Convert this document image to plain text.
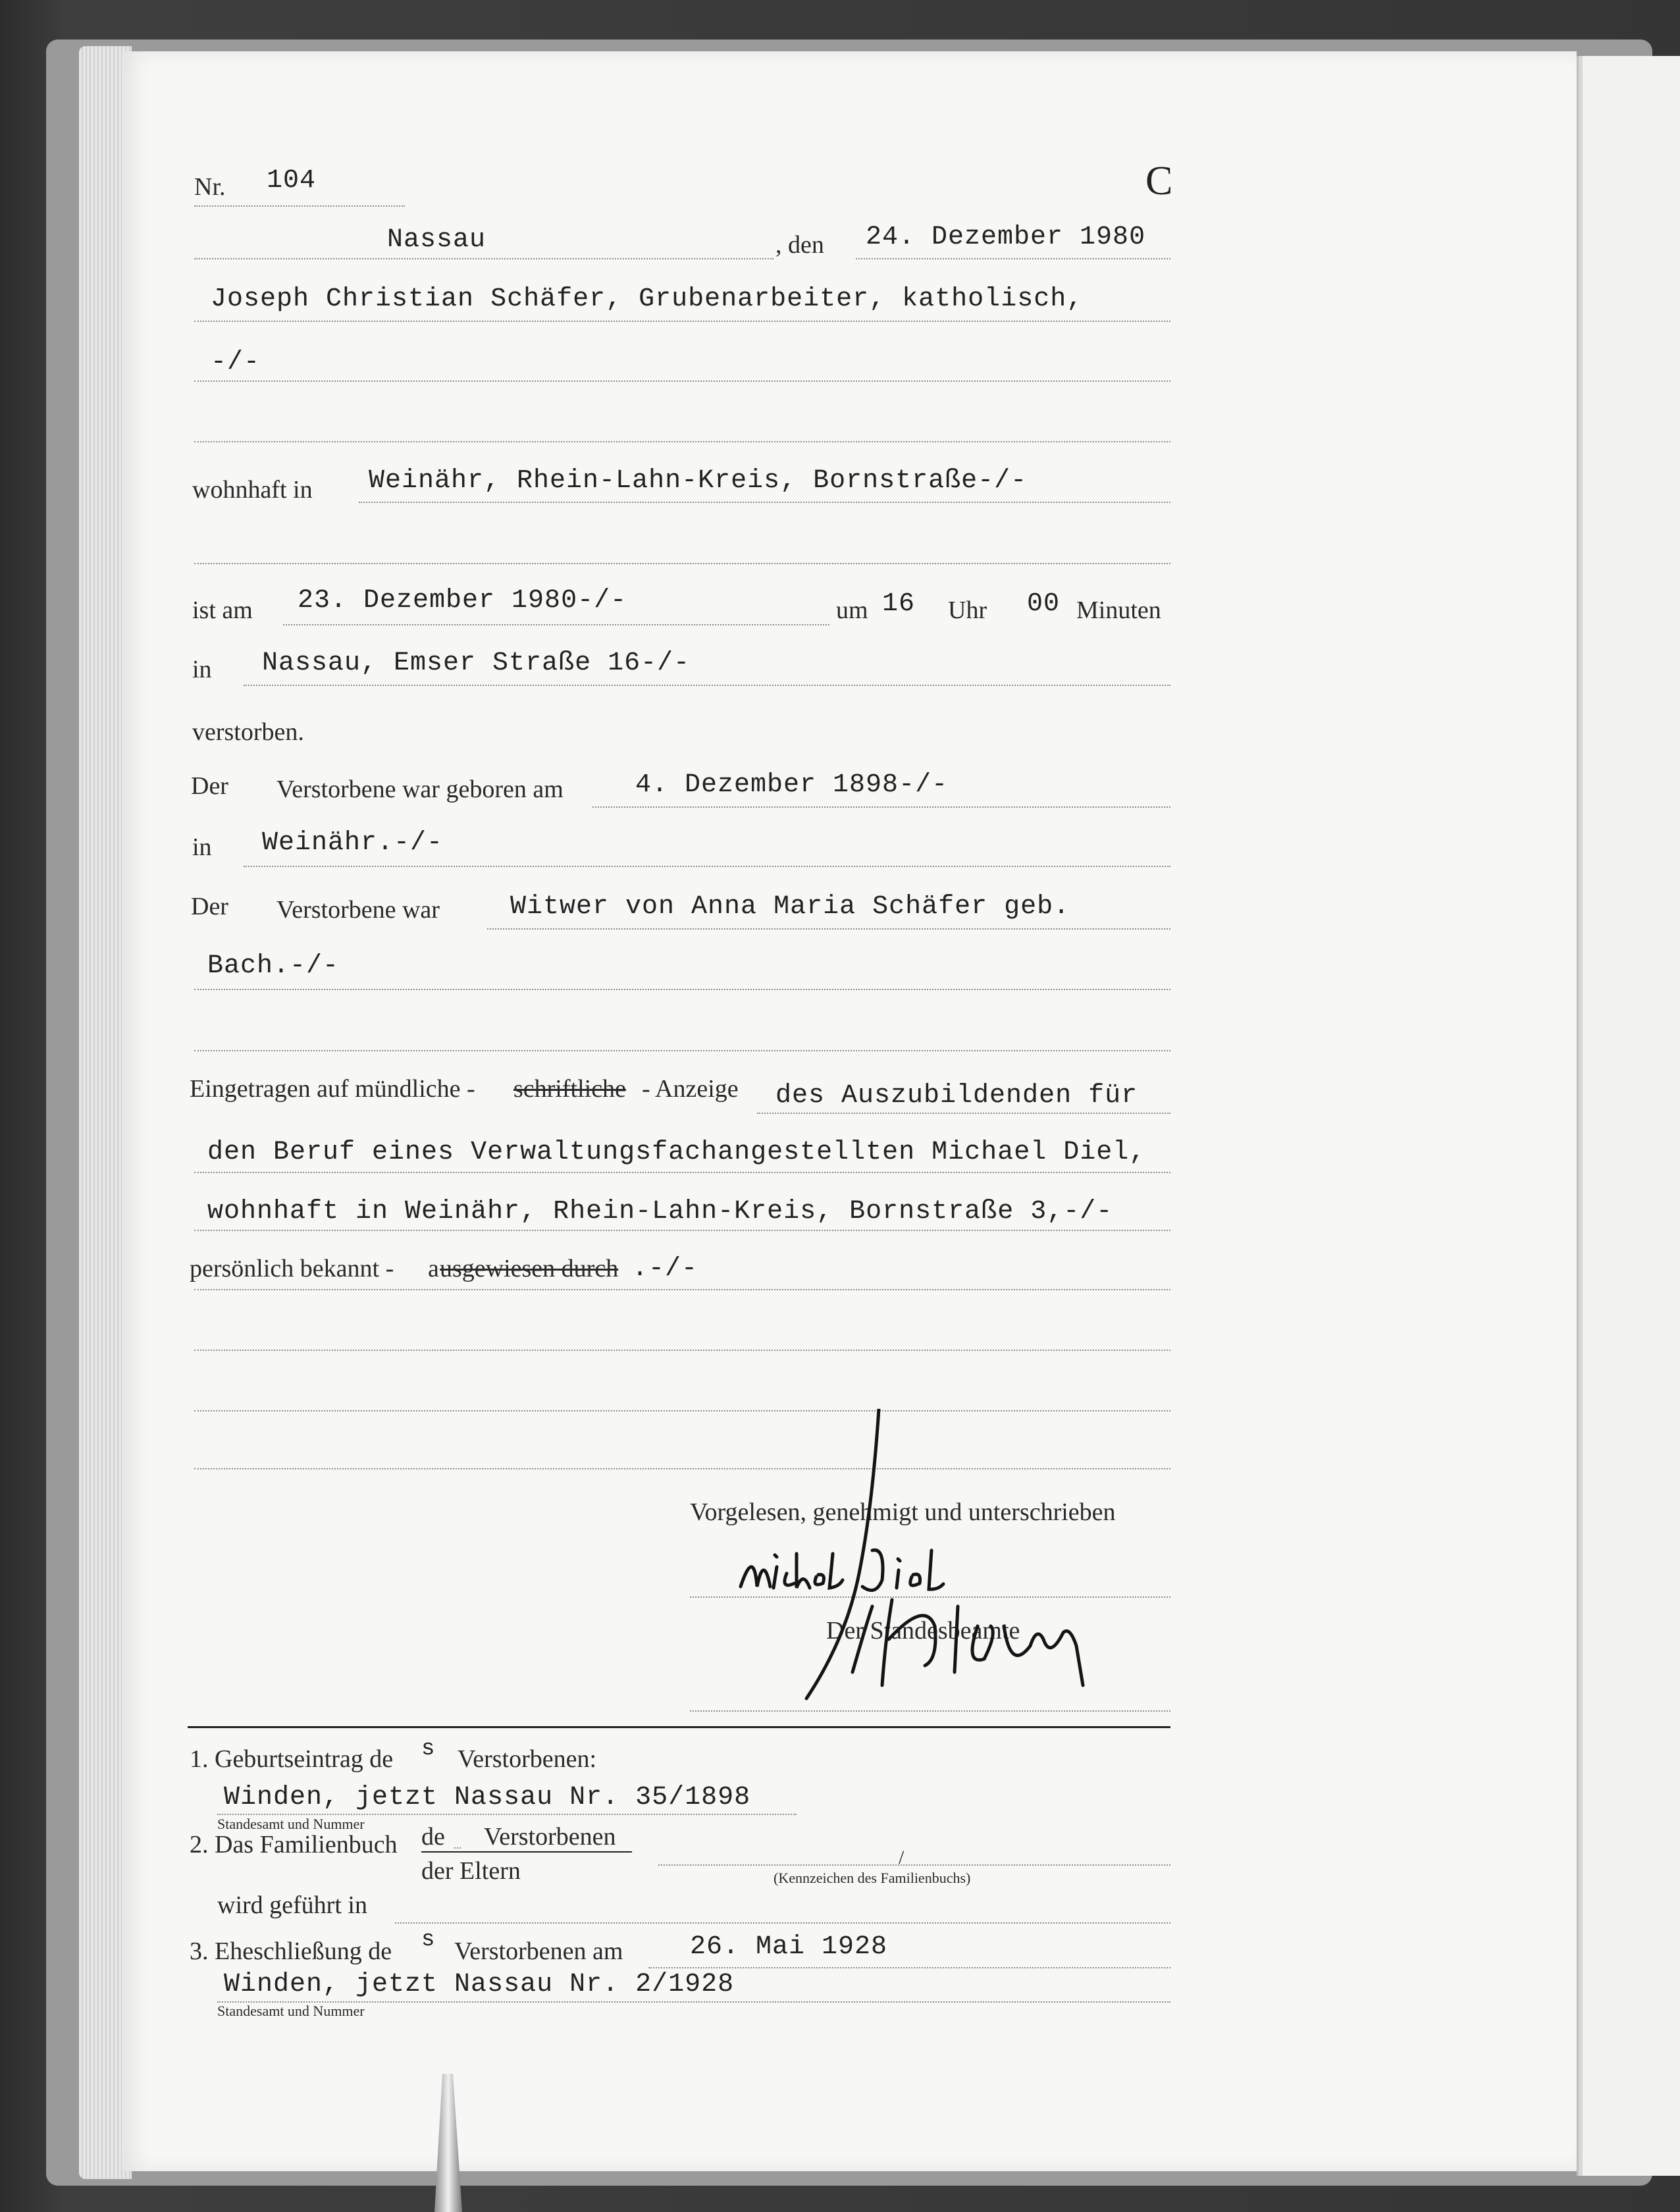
Nr. 104	C
Nassau	, den 24. Dezember 1980
Joseph Christian Schäfer, Grubenarbeiter, katholisch,
-/-
wohnhaft in Weinähr, Rhein-Lahn-Kreis, Bornstraße-/-
ist am 23. Dezember 1980-/-	um 16 Uhr 00 Minuten
in Nassau, Emser Straße 16-/-
verstorben.
Der Verstorbene war geboren am	4. Dezember 1898-/-
in Weinähr.-/-
Der Verstorbene war	Witwer von Anna Maria Schäfer geb.
Bach.-/-
Eingetragen auf mündliche - schriftliche - Anzeige des Auszubildenden für
den Beruf eines Verwaltungsfachangestellten Michael Diel,
wohnhaft in Weinähr, Rhein-Lahn-Kreis, Bornstraße 3,-/-
persönlich bekannt - a usgewiesen durch .-/-
Vorgelesen, genehmigt und unterschrieben
Der Standesbeamte
1. Geburtseintrag de s Verstorbenen:
Winden, jetzt Nassau Nr. 35/1898
Standesamt und Nummer
2. Das Familienbuch de Verstorbenen
der Eltern	/
(Kennzeichen des Familienbuchs)
wird geführt in
3. Eheschließung de s Verstorbenen am	26. Mai 1928
Winden, jetzt Nassau Nr. 2/1928
Standesamt und Nummer
